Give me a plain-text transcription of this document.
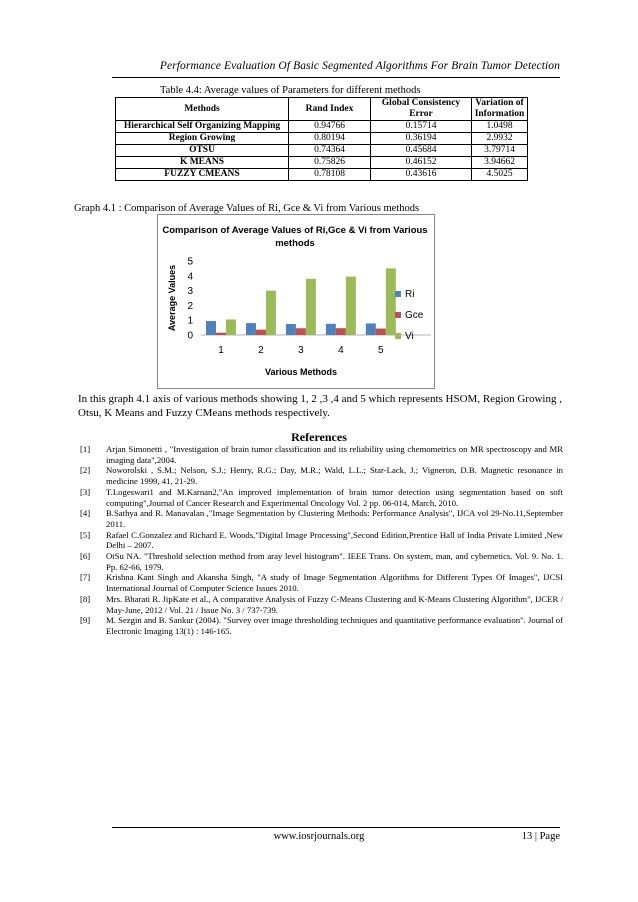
Performance Evaluation Of Basic Segmented Algorithms For Brain Tumor Detection
Table 4.4: Average values of Parameters for different methods
Methods	Rand Index	Global Consistency Error	Variation of Information
Hierarchical Self Organizing Mapping	0.94766	0.15714	1.0498
Region Growing	0.80194	0.36194	2.9932
OTSU	0.74364	0.45684	3.79714
K MEANS	0.75826	0.46152	3.94662
FUZZY CMEANS	0.78108	0.43616	4.5025
Graph 4.1 : Comparison of Average Values of Ri, Gce & Vi from Various methods
Comparison of Average Values of Ri,Gce & Vi from Various
methods
Average Values
0
1
2
3
4
5
1	2	3	4	5
Various Methods
Ri
Gce
Vi
In this graph 4.1 axis of various methods showing 1, 2 ,3 ,4 and 5 which represents HSOM, Region Growing , Otsu, K Means and Fuzzy CMeans methods respectively.
References
[1]	Arjan Simonetti , "Investigation of brain tumor classification and its reliability using chemometrics on MR spectroscopy and MR imaging data",2004.
[2]	Noworolski , S.M.; Nelson, S.J.; Henry, R.G.; Day, M.R.; Wald, L.L.; Star-Lack, J.; Vigneron, D.B. Magnetic resonance in medicine 1999, 41, 21-29.
[3]	T.Logeswari1 and M.Karnan2,"An improved implementation of brain tumor detection using segmentation based on soft computing",Journal of Cancer Research and Experimental Oncology Vol. 2 pp. 06-014, March, 2010.
[4]	B.Sathya and R. Manavalan ,"Image Segmentation by Clustering Methods: Performance Analysis", IJCA vol 29-No.11,September 2011.
[5]	Rafael C.Gonzalez and Richard E. Woods,"Digital Image Processing",Second Edition,Prentice Hall of India Private Limited ,New Delhi – 2007.
[6]	OtSu NA. "Threshold selection method from aray level histogram". IEEE Trans. On system, man, and cybernetics. Vol. 9. No. 1. Pp. 62-66, 1979.
[7]	Krishna Kant Singh and Akansha Singh, "A study of Image Segmentation Algorithms for Different Types Of Images", IJCSI International Journal of Computer Science Issues 2010.
[8]	Mrs. Bharati R. JipKate et al., A comparative Analysis of Fuzzy C-Means Clustering and K-Means Clustering Algorithm", IJCER / May-June, 2012 / Vol. 21 / Issue No. 3 / 737-739.
[9]	M. Sezgin and B. Sankur (2004). "Survey over image thresholding techniques and quantitative performance evaluation". Journal of Electronic Imaging 13(1) : 146-165.
www.iosrjournals.org	13 | Page
